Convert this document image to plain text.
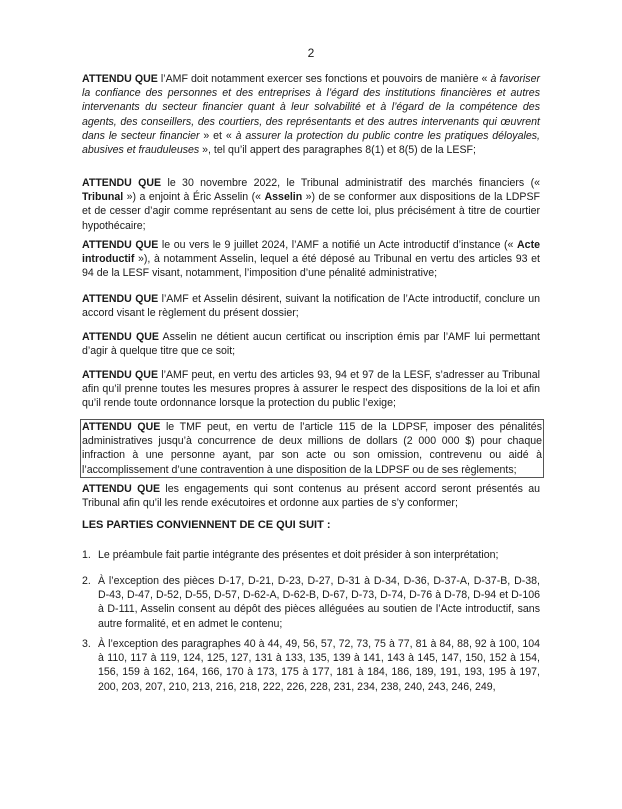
2

ATTENDU QUE l’AMF doit notamment exercer ses fonctions et pouvoirs de manière « à favoriser la confiance des personnes et des entreprises à l’égard des institutions financières et autres intervenants du secteur financier quant à leur solvabilité et à l’égard de la compétence des agents, des conseillers, des courtiers, des représentants et des autres intervenants qui œuvrent dans le secteur financier » et « à assurer la protection du public contre les pratiques déloyales, abusives et frauduleuses », tel qu’il appert des paragraphes 8(1) et 8(5) de la LESF;

ATTENDU QUE le 30 novembre 2022, le Tribunal administratif des marchés financiers (« Tribunal ») a enjoint à Éric Asselin (« Asselin ») de se conformer aux dispositions de la LDPSF et de cesser d’agir comme représentant au sens de cette loi, plus précisément à titre de courtier hypothécaire;

ATTENDU QUE le ou vers le 9 juillet 2024, l’AMF a notifié un Acte introductif d’instance (« Acte introductif »), à notamment Asselin, lequel a été déposé au Tribunal en vertu des articles 93 et 94 de la LESF visant, notamment, l’imposition d’une pénalité administrative;

ATTENDU QUE l’AMF et Asselin désirent, suivant la notification de l’Acte introductif, conclure un accord visant le règlement du présent dossier;

ATTENDU QUE Asselin ne détient aucun certificat ou inscription émis par l’AMF lui permettant d’agir à quelque titre que ce soit;

ATTENDU QUE l’AMF peut, en vertu des articles 93, 94 et 97 de la LESF, s’adresser au Tribunal afin qu’il prenne toutes les mesures propres à assurer le respect des dispositions de la loi et afin qu’il rende toute ordonnance lorsque la protection du public l’exige;

ATTENDU QUE le TMF peut, en vertu de l’article 115 de la LDPSF, imposer des pénalités administratives jusqu’à concurrence de deux millions de dollars (2 000 000 $) pour chaque infraction à une personne ayant, par son acte ou son omission, contrevenu ou aidé à l’accomplissement d’une contravention à une disposition de la LDPSF ou de ses règlements;

ATTENDU QUE les engagements qui sont contenus au présent accord seront présentés au Tribunal afin qu’il les rende exécutoires et ordonne aux parties de s’y conformer;

LES PARTIES CONVIENNENT DE CE QUI SUIT :

1. Le préambule fait partie intégrante des présentes et doit présider à son interprétation;
2. À l’exception des pièces D-17, D-21, D-23, D-27, D-31 à D-34, D-36, D-37-A, D-37-B, D-38, D-43, D-47, D-52, D-55, D-57, D-62-A, D-62-B, D-67, D-73, D-74, D-76 à D-78, D-94 et D-106 à D-111, Asselin consent au dépôt des pièces alléguées au soutien de l’Acte introductif, sans autre formalité, et en admet le contenu;
3. À l’exception des paragraphes 40 à 44, 49, 56, 57, 72, 73, 75 à 77, 81 à 84, 88, 92 à 100, 104 à 110, 117 à 119, 124, 125, 127, 131 à 133, 135, 139 à 141, 143 à 145, 147, 150, 152 à 154, 156, 159 à 162, 164, 166, 170 à 173, 175 à 177, 181 à 184, 186, 189, 191, 193, 195 à 197, 200, 203, 207, 210, 213, 216, 218, 222, 226, 228, 231, 234, 238, 240, 243, 246, 249,
